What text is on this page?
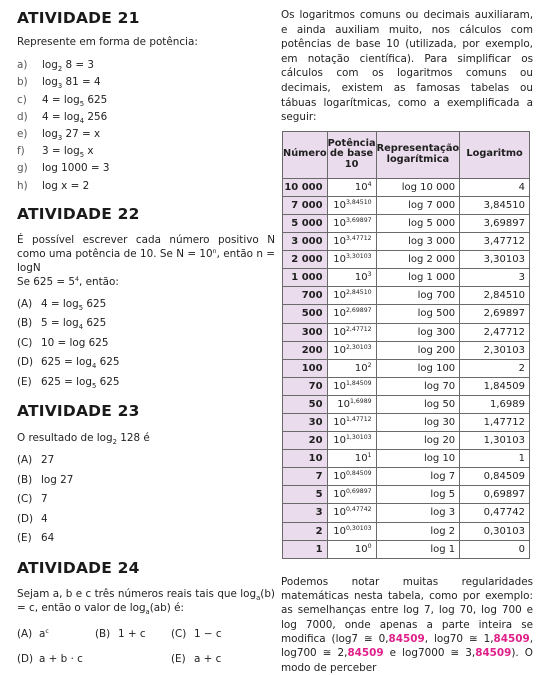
ATIVIDADE 21
Represente em forma de potência:
a)	$\log_2 8 = 3$
b)	$\log_3 81 = 4$
c)	$4 = \log_5 625$
d)	$4 = \log_4 256$
e)	$\log_3 27 = x$
f)	$3 = \log_5 x$
g)	log 1000 = 3
h)	log x = 2
ATIVIDADE 22
É possível escrever cada número positivo N como uma potência de 10. Se $N = 10^n$, então n = logN
Se $625 = 5^4$, então:
(A) $4 = \log_5 625$
(B) $5 = \log_4 625$
(C) 10 = log 625
(D) $625 = \log_4 625$
(E) $625 = \log_5 625$
ATIVIDADE 23
O resultado de $\log_2 128$ é
(A) 27
(B) log 27
(C) 7
(D) 4
(E) 64
ATIVIDADE 24
Sejam a, b e c três números reais tais que $\log_a(b) = c$, então o valor de $\log_a(ab)$ é:
(A) $a^c$	(B) 1 + c (C) 1 − c
(D) a + b · c	(E) a + c
Os logaritmos comuns ou decimais auxiliaram, e ainda auxiliam muito, nos cálculos com potências de base 10 (utilizada, por exemplo, em notação científica). Para simplificar os cálculos com os logaritmos comuns ou decimais, existem as famosas tabelas ou tábuas logarítmicas, como a exemplificada a seguir:
Número	Potência de base 10	Representação logarítmica	Logaritmo
10 000	$10^4$	log 10 000	4
7 000	$10^{3,84510}$	log 7 000	3,84510
5 000	$10^{3,69897}$	log 5 000	3,69897
3 000	$10^{3,47712}$	log 3 000	3,47712
2 000	$10^{3,30103}$	log 2 000	3,30103
1 000	$10^3$	log 1 000	3
700	$10^{2,84510}$	log 700	2,84510
500	$10^{2,69897}$	log 500	2,69897
300	$10^{2,47712}$	log 300	2,47712
200	$10^{2,30103}$	log 200	2,30103
100	$10^2$	log 100	2
70	$10^{1,84509}$	log 70	1,84509
50	$10^{1,6989}$	log 50	1,6989
30	$10^{1,47712}$	log 30	1,47712
20	$10^{1,30103}$	log 20	1,30103
10	$10^1$	log 10	1
7	$10^{0,84509}$	log 7	0,84509
5	$10^{0,69897}$	log 5	0,69897
3	$10^{0,47742}$	log 3	0,47742
2	$10^{0,30103}$	log 2	0,30103
1	$10^0$	log 1	0
Podemos notar muitas regularidades matemáticas nesta tabela, como por exemplo: as semelhanças entre log 7, log 70, log 700 e log 7000, onde apenas a parte inteira se modifica (log7 ≅ 0,84509, log70 ≅ 1,84509, log700 ≅ 2,84509 e log7000 ≅ 3,84509). O modo de perceber
